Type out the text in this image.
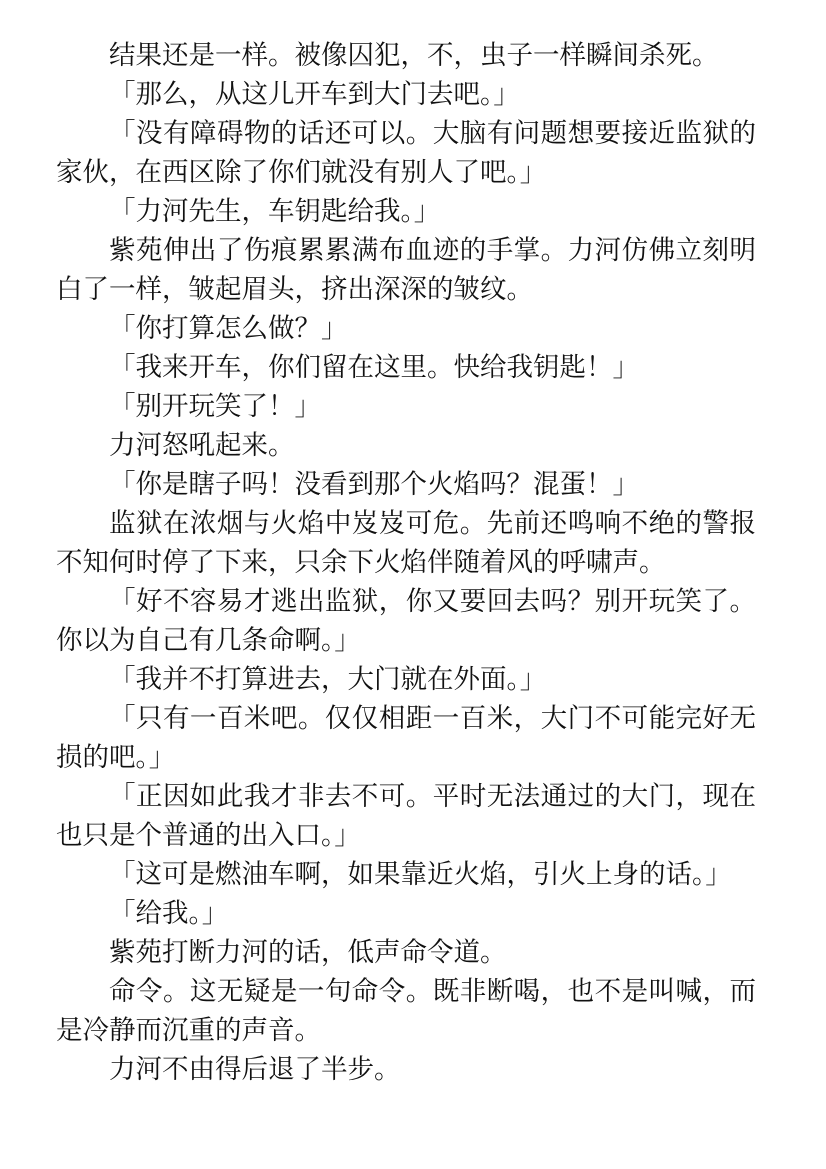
结果还是一样。被像囚犯，不，虫子一样瞬间杀死。

「那么，从这儿开车到大门去吧。」

「没有障碍物的话还可以。大脑有问题想要接近监狱的家伙，在西区除了你们就没有别人了吧。」

「力河先生，车钥匙给我。」

紫苑伸出了伤痕累累满布血迹的手掌。力河仿佛立刻明白了一样，皱起眉头，挤出深深的皱纹。

「你打算怎么做？」

「我来开车，你们留在这里。快给我钥匙！」

「别开玩笑了！」

力河怒吼起来。

「你是瞎子吗！没看到那个火焰吗？混蛋！」

监狱在浓烟与火焰中岌岌可危。先前还鸣响不绝的警报不知何时停了下来，只余下火焰伴随着风的呼啸声。

「好不容易才逃出监狱，你又要回去吗？别开玩笑了。你以为自己有几条命啊。」

「我并不打算进去，大门就在外面。」

「只有一百米吧。仅仅相距一百米，大门不可能完好无损的吧。」

「正因如此我才非去不可。平时无法通过的大门，现在也只是个普通的出入口。」

「这可是燃油车啊，如果靠近火焰，引火上身的话。」

「给我。」

紫苑打断力河的话，低声命令道。

命令。这无疑是一句命令。既非断喝，也不是叫喊，而是冷静而沉重的声音。

力河不由得后退了半步。
